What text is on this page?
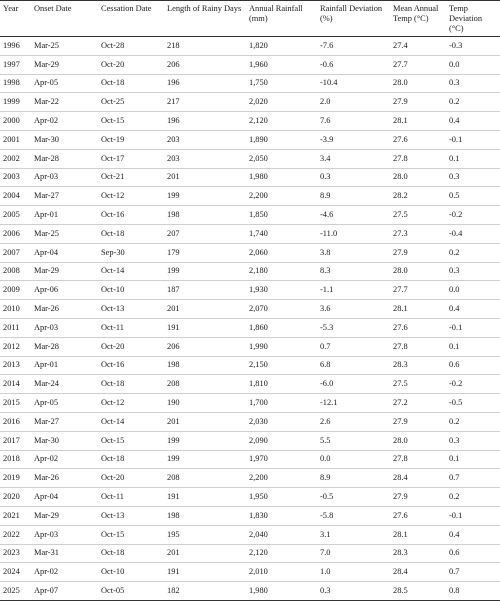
Year	Onset Date	Cessation Date	Length of Rainy Days	Annual Rainfall (mm)	Rainfall Deviation (%)	Mean Annual Temp (°C)	Temp Deviation (°C)
1996	Mar-25	Oct-28	218	1,820	-7.6	27.4	-0.3
1997	Mar-29	Oct-20	206	1,960	-0.6	27.7	0.0
1998	Apr-05	Oct-18	196	1,750	-10.4	28.0	0.3
1999	Mar-22	Oct-25	217	2,020	2.0	27.9	0.2
2000	Apr-02	Oct-15	196	2,120	7.6	28.1	0.4
2001	Mar-30	Oct-19	203	1,890	-3.9	27.6	-0.1
2002	Mar-28	Oct-17	203	2,050	3.4	27.8	0.1
2003	Apr-03	Oct-21	201	1,980	0.3	28.0	0.3
2004	Mar-27	Oct-12	199	2,200	8.9	28.2	0.5
2005	Apr-01	Oct-16	198	1,850	-4.6	27.5	-0.2
2006	Mar-25	Oct-18	207	1,740	-11.0	27.3	-0.4
2007	Apr-04	Sep-30	179	2,060	3.8	27.9	0.2
2008	Mar-29	Oct-14	199	2,180	8.3	28.0	0.3
2009	Apr-06	Oct-10	187	1,930	-1.1	27.7	0.0
2010	Mar-26	Oct-13	201	2,070	3.6	28.1	0.4
2011	Apr-03	Oct-11	191	1,860	-5.3	27.6	-0.1
2012	Mar-28	Oct-20	206	1,990	0.7	27.8	0.1
2013	Apr-01	Oct-16	198	2,150	6.8	28.3	0.6
2014	Mar-24	Oct-18	208	1,810	-6.0	27.5	-0.2
2015	Apr-05	Oct-12	190	1,700	-12.1	27.2	-0.5
2016	Mar-27	Oct-14	201	2,030	2.6	27.9	0.2
2017	Mar-30	Oct-15	199	2,090	5.5	28.0	0.3
2018	Apr-02	Oct-18	199	1,970	0.0	27.8	0.1
2019	Mar-26	Oct-20	208	2,200	8.9	28.4	0.7
2020	Apr-04	Oct-11	191	1,950	-0.5	27.9	0.2
2021	Mar-29	Oct-13	198	1,830	-5.8	27.6	-0.1
2022	Apr-03	Oct-15	195	2,040	3.1	28.1	0.4
2023	Mar-31	Oct-18	201	2,120	7.0	28.3	0.6
2024	Apr-02	Oct-10	191	2,010	1.0	28.4	0.7
2025	Apr-07	Oct-05	182	1,980	0.3	28.5	0.8
